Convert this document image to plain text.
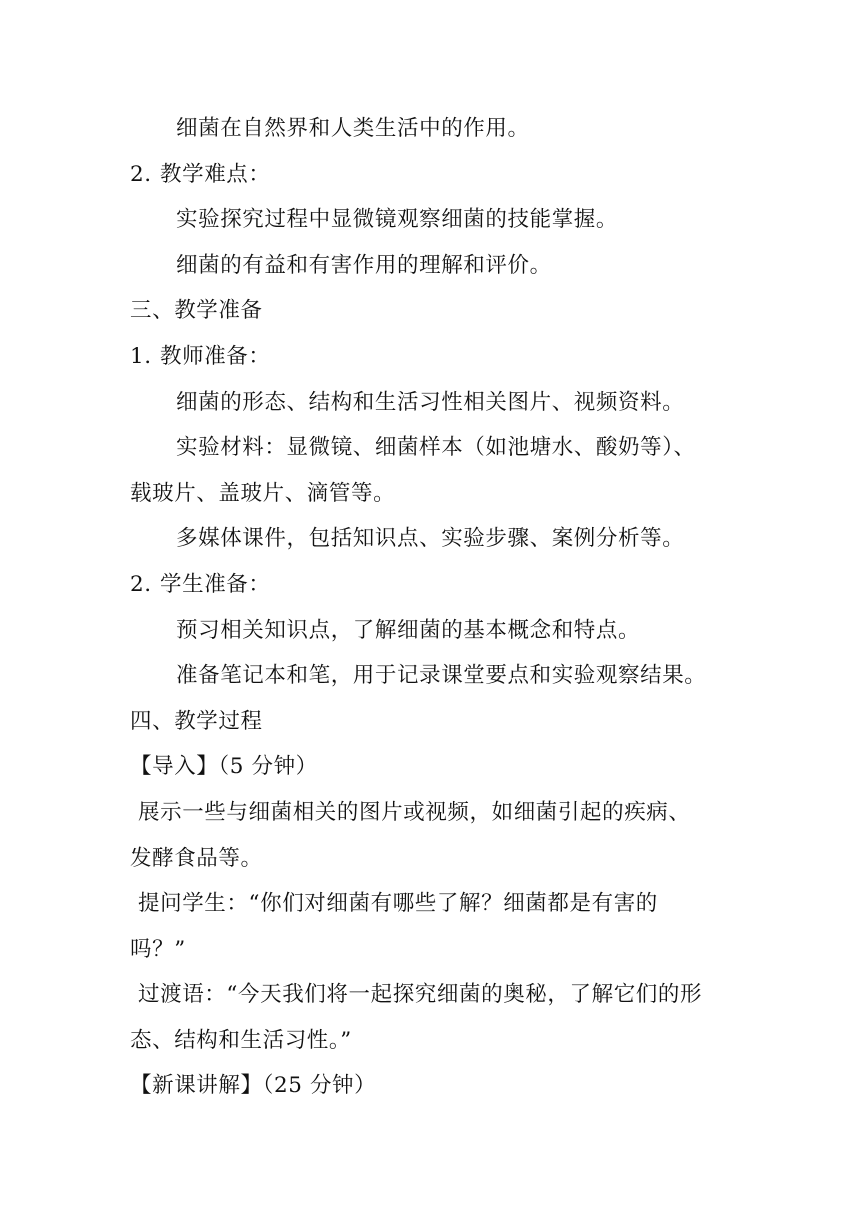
细菌在自然界和人类生活中的作用。
2. 教学难点：
实验探究过程中显微镜观察细菌的技能掌握。
细菌的有益和有害作用的理解和评价。
三、教学准备
1. 教师准备：
细菌的形态、结构和生活习性相关图片、视频资料。
实验材料：显微镜、细菌样本（如池塘水、酸奶等）、
载玻片、盖玻片、滴管等。
多媒体课件，包括知识点、实验步骤、案例分析等。
2. 学生准备：
预习相关知识点，了解细菌的基本概念和特点。
准备笔记本和笔，用于记录课堂要点和实验观察结果。
四、教学过程
【导入】（5 分钟）
展示一些与细菌相关的图片或视频，如细菌引起的疾病、
发酵食品等。
提问学生：“你们对细菌有哪些了解？细菌都是有害的
吗？”
过渡语：“今天我们将一起探究细菌的奥秘，了解它们的形
态、结构和生活习性。”
【新课讲解】（25 分钟）
